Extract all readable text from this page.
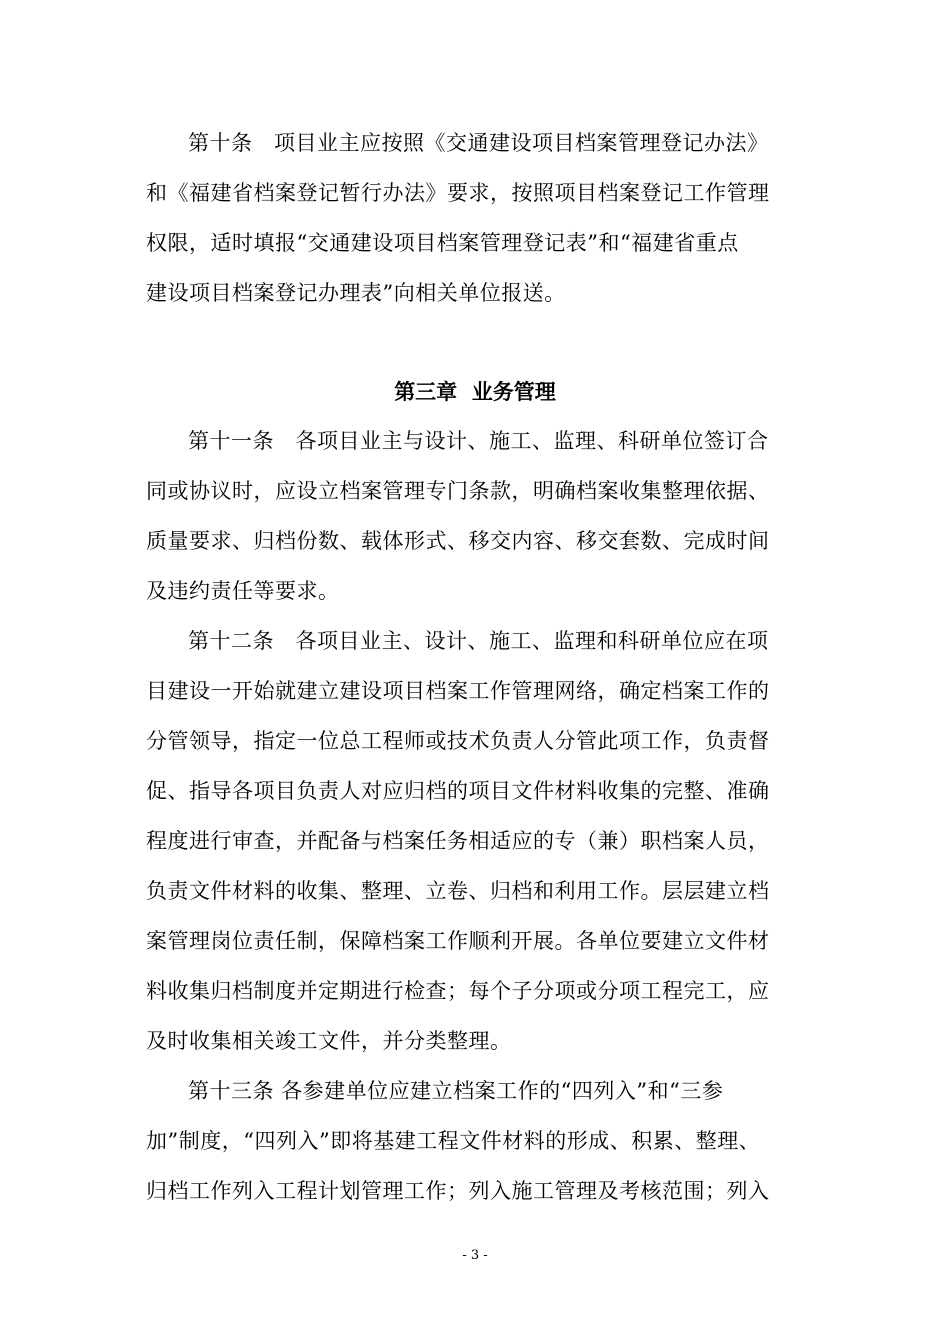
第十条　项目业主应按照《交通建设项目档案管理登记办法》
和《福建省档案登记暂行办法》要求，按照项目档案登记工作管理
权限，适时填报“交通建设项目档案管理登记表”和“福建省重点
建设项目档案登记办理表”向相关单位报送。
第三章  业务管理
第十一条　各项目业主与设计、施工、监理、科研单位签订合
同或协议时，应设立档案管理专门条款，明确档案收集整理依据、
质量要求、归档份数、载体形式、移交内容、移交套数、完成时间
及违约责任等要求。
第十二条　各项目业主、设计、施工、监理和科研单位应在项
目建设一开始就建立建设项目档案工作管理网络，确定档案工作的
分管领导，指定一位总工程师或技术负责人分管此项工作，负责督
促、指导各项目负责人对应归档的项目文件材料收集的完整、准确
程度进行审查，并配备与档案任务相适应的专（兼）职档案人员，
负责文件材料的收集、整理、立卷、归档和利用工作。层层建立档
案管理岗位责任制，保障档案工作顺利开展。各单位要建立文件材
料收集归档制度并定期进行检查；每个子分项或分项工程完工，应
及时收集相关竣工文件，并分类整理。
第十三条 各参建单位应建立档案工作的“四列入”和“三参
加”制度，“四列入”即将基建工程文件材料的形成、积累、整理、
归档工作列入工程计划管理工作；列入施工管理及考核范围；列入
- 3 -
